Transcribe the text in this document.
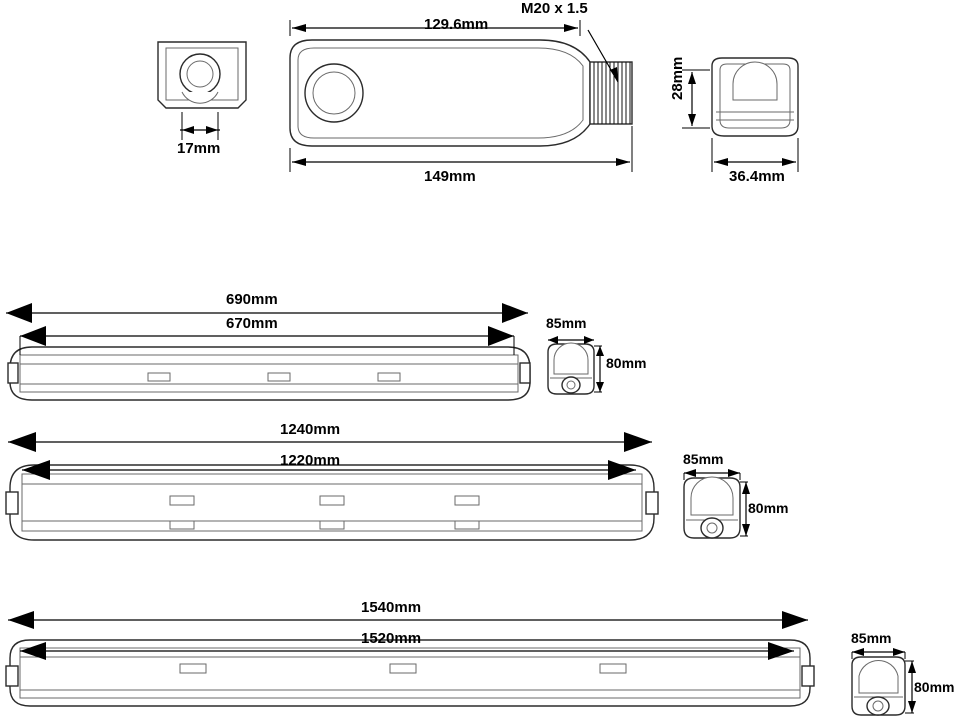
M20 x 1.5
129.6mm
149mm
17mm
28mm
36.4mm
690mm
670mm	85mm
80mm
1240mm
1220mm	85mm
80mm
1540mm
1520mm	85mm
80mm
